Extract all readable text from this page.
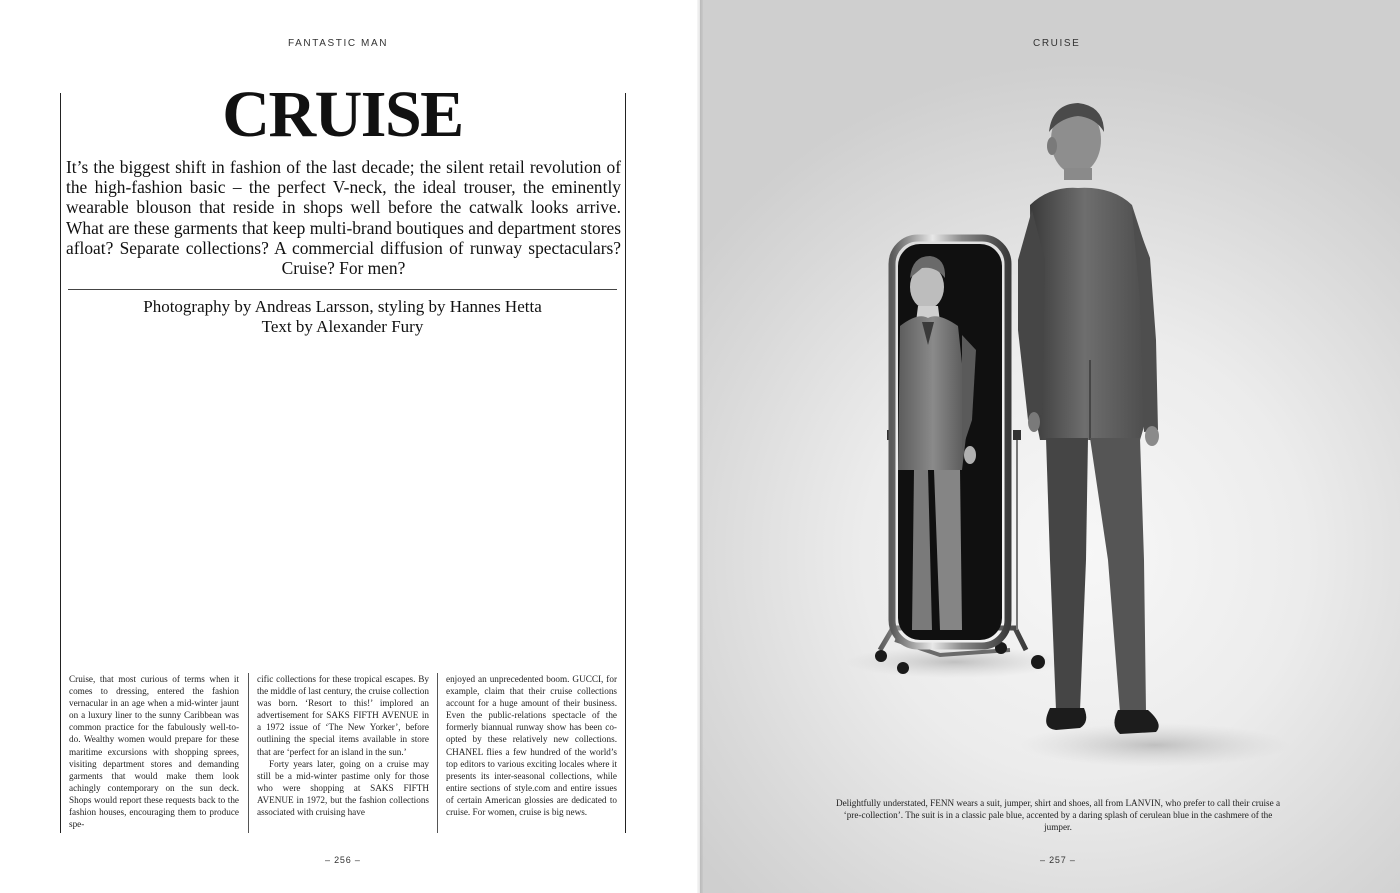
FANTASTIC MAN
CRUISE

It’s the biggest shift in fashion of the last decade; the silent retail revolution of the high-fashion basic – the perfect V-neck, the ideal trouser, the eminently wearable blouson that reside in shops well before the catwalk looks arrive. What are these garments that keep multi-brand boutiques and department stores afloat? Separate collections? A commercial diffusion of runway spectaculars? Cruise? For men?

Photography by Andreas Larsson, styling by Hannes Hetta
Text by Alexander Fury

Cruise, that most curious of terms when it comes to dressing, entered the fashion vernacular in an age when a mid-winter jaunt on a luxury liner to the sunny Caribbean was common practice for the fabulously well-to-do. Wealthy women would prepare for these maritime excursions with shopping sprees, visiting department stores and demanding garments that would make them look achingly contemporary on the sun deck. Shops would report these requests back to the fashion houses, encouraging them to produce spe-

cific collections for these tropical escapes. By the middle of last century, the cruise collection was born. ‘Resort to this!’ implored an advertisement for SAKS FIFTH AVENUE in a 1972 issue of ‘The New Yorker’, before outlining the special items available in store that are ‘perfect for an island in the sun.’

Forty years later, going on a cruise may still be a mid-winter pastime only for those who were shopping at SAKS FIFTH AVENUE in 1972, but the fashion collections associated with cruising have

enjoyed an unprecedented boom. GUCCI, for example, claim that their cruise collections account for a huge amount of their business. Even the public-relations spectacle of the formerly biannual runway show has been co-opted by these relatively new collections. CHANEL flies a few hundred of the world’s top editors to various exciting locales where it presents its inter-seasonal collections, while entire sections of style.com and entire issues of certain American glossies are dedicated to cruise. For women, cruise is big news.

– 256 –
CRUISE
Delightfully understated, FENN wears a suit, jumper, shirt and shoes, all from LANVIN, who prefer to call their cruise a ‘pre-collection’. The suit is in a classic pale blue, accented by a daring splash of cerulean blue in the cashmere of the jumper.
– 257 –
